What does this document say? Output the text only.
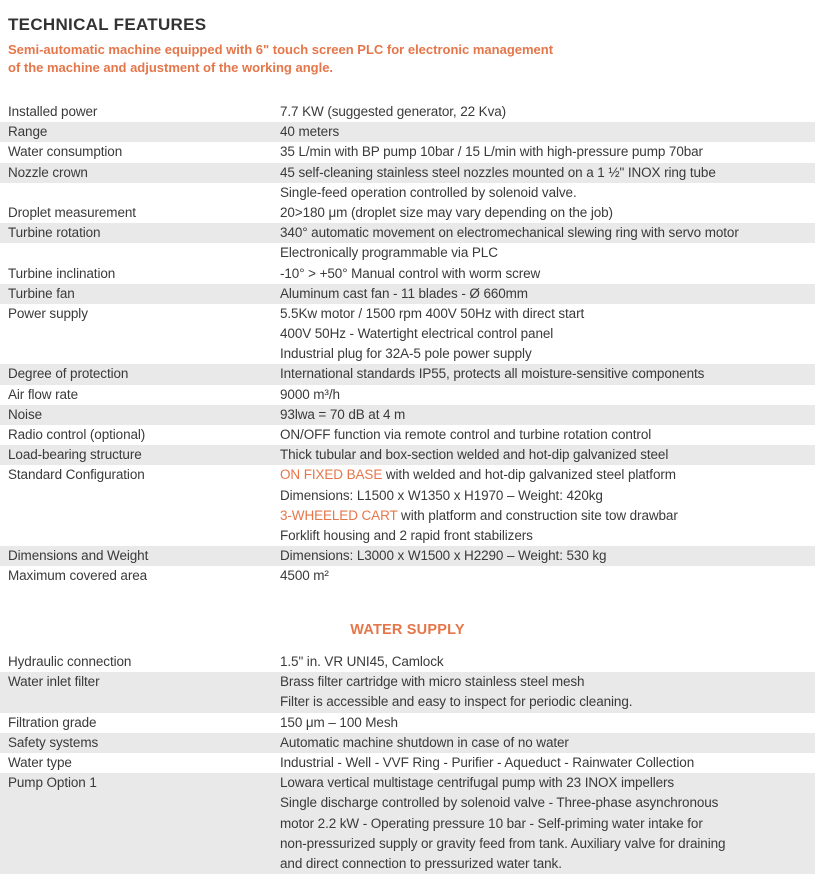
TECHNICAL FEATURES
Semi-automatic machine equipped with 6" touch screen PLC for electronic management
of the machine and adjustment of the working angle.
Installed power	7.7 KW (suggested generator, 22 Kva)
Range	40 meters
Water consumption	35 L/min with BP pump 10bar / 15 L/min with high-pressure pump 70bar
Nozzle crown	45 self-cleaning stainless steel nozzles mounted on a 1 ½" INOX ring tube
Single-feed operation controlled by solenoid valve.
Droplet measurement	20>180 μm (droplet size may vary depending on the job)
Turbine rotation	340° automatic movement on electromechanical slewing ring with servo motor
Electronically programmable via PLC
Turbine inclination	-10° > +50° Manual control with worm screw
Turbine fan	Aluminum cast fan - 11 blades - Ø 660mm
Power supply	5.5Kw motor / 1500 rpm 400V 50Hz with direct start
400V 50Hz - Watertight electrical control panel
Industrial plug for 32A-5 pole power supply
Degree of protection	International standards IP55, protects all moisture-sensitive components
Air flow rate	9000 m³/h
Noise	93lwa = 70 dB at 4 m
Radio control (optional)	ON/OFF function via remote control and turbine rotation control
Load-bearing structure	Thick tubular and box-section welded and hot-dip galvanized steel
Standard Configuration	ON FIXED BASE with welded and hot-dip galvanized steel platform
Dimensions: L1500 x W1350 x H1970 – Weight: 420kg
3-WHEELED CART with platform and construction site tow drawbar
Forklift housing and 2 rapid front stabilizers
Dimensions and Weight	Dimensions: L3000 x W1500 x H2290 – Weight: 530 kg
Maximum covered area	4500 m²
WATER SUPPLY
Hydraulic connection	1.5" in. VR UNI45, Camlock
Water inlet filter	Brass filter cartridge with micro stainless steel mesh
Filter is accessible and easy to inspect for periodic cleaning.
Filtration grade	150 μm – 100 Mesh
Safety systems	Automatic machine shutdown in case of no water
Water type	Industrial - Well - VVF Ring - Purifier - Aqueduct - Rainwater Collection
Pump Option 1	Lowara vertical multistage centrifugal pump with 23 INOX impellers
Single discharge controlled by solenoid valve - Three-phase asynchronous
motor 2.2 kW - Operating pressure 10 bar - Self-priming water intake for
non-pressurized supply or gravity feed from tank. Auxiliary valve for draining
and direct connection to pressurized water tank.
